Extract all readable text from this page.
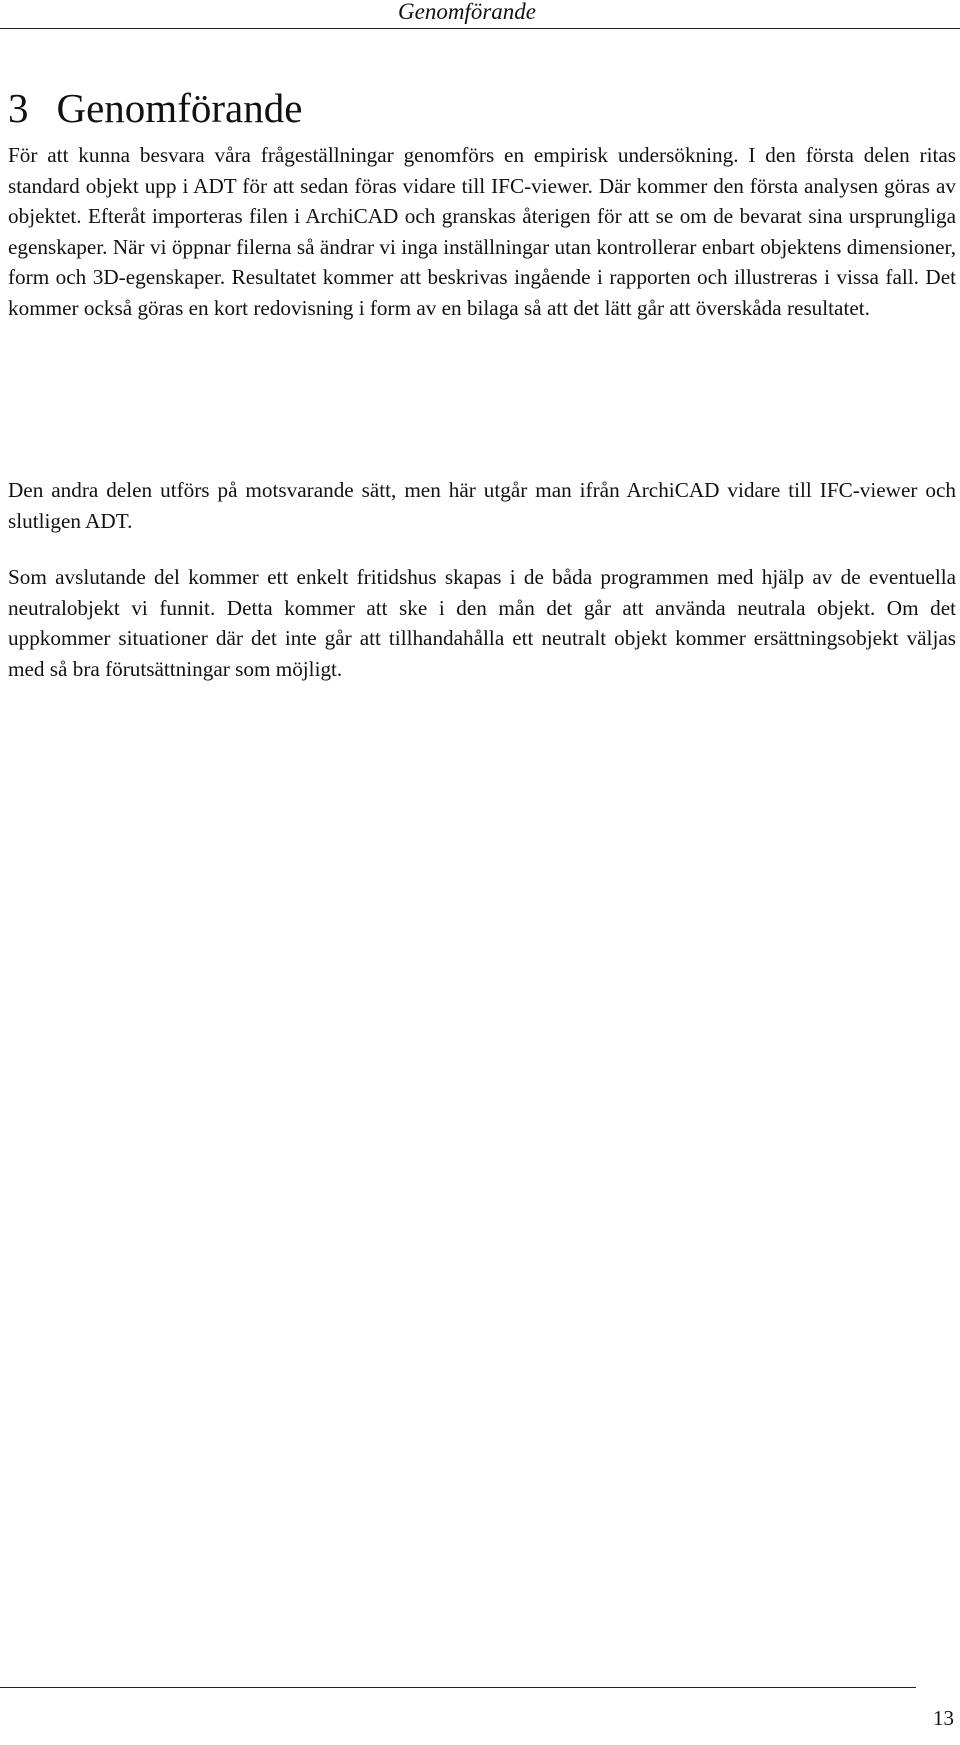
Genomförande
3 Genomförande

För att kunna besvara våra frågeställningar genomförs en empirisk undersökning. I den första delen ritas standard objekt upp i ADT för att sedan föras vidare till IFC-viewer. Där kommer den första analysen göras av objektet. Efteråt importeras filen i ArchiCAD och granskas återigen för att se om de bevarat sina ursprungliga egenskaper. När vi öppnar filerna så ändrar vi inga inställningar utan kontrollerar enbart objektens dimensioner, form och 3D-egenskaper. Resultatet kommer att beskrivas ingående i rapporten och illustreras i vissa fall. Det kommer också göras en kort redovisning i form av en bilaga så att det lätt går att överskåda resultatet.

Den andra delen utförs på motsvarande sätt, men här utgår man ifrån ArchiCAD vidare till IFC-viewer och slutligen ADT.

Som avslutande del kommer ett enkelt fritidshus skapas i de båda programmen med hjälp av de eventuella neutralobjekt vi funnit. Detta kommer att ske i den mån det går att använda neutrala objekt. Om det uppkommer situationer där det inte går att tillhandahålla ett neutralt objekt kommer ersättningsobjekt väljas med så bra förutsättningar som möjligt.

13
